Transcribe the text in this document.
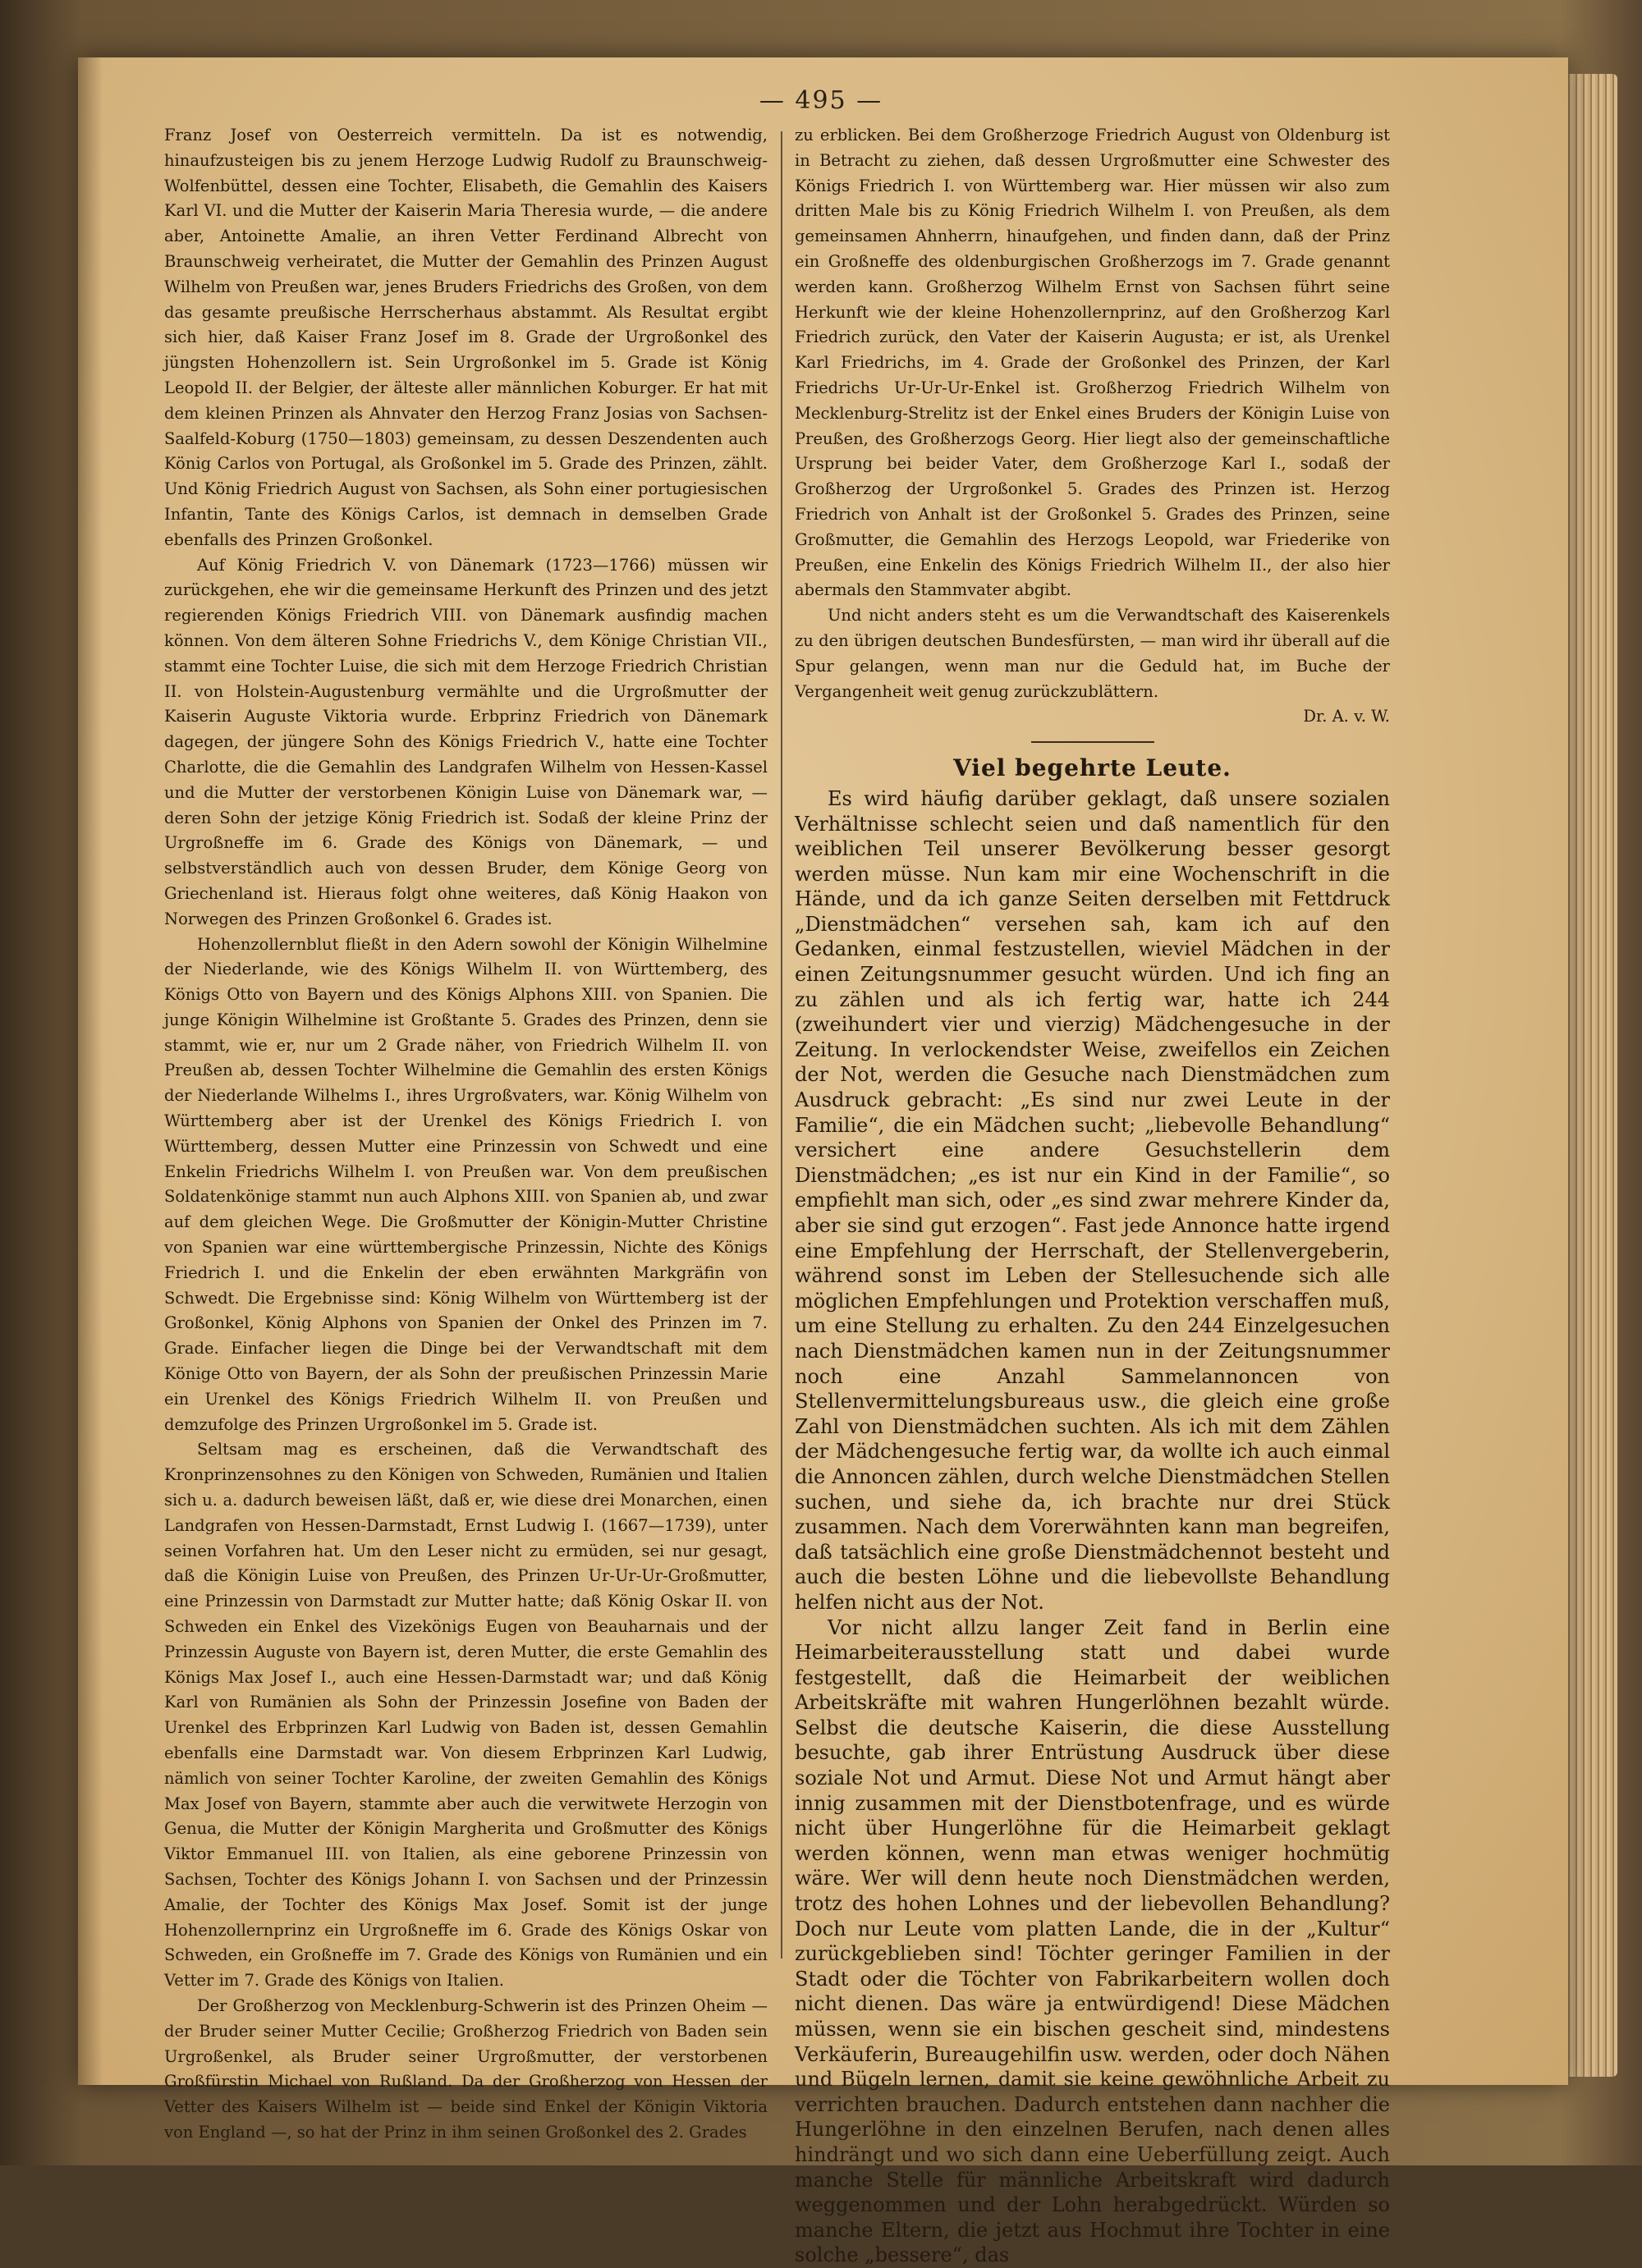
— 495 —

Franz Josef von Oesterreich vermitteln. Da ist es notwendig, hinaufzusteigen bis zu jenem Herzoge Ludwig Rudolf zu Braunschweig-Wolfenbüttel, dessen eine Tochter, Elisabeth, die Gemahlin des Kaisers Karl VI. und die Mutter der Kaiserin Maria Theresia wurde, — die andere aber, Antoinette Amalie, an ihren Vetter Ferdinand Albrecht von Braunschweig verheiratet, die Mutter der Gemahlin des Prinzen August Wilhelm von Preußen war, jenes Bruders Friedrichs des Großen, von dem das gesamte preußische Herrscherhaus abstammt. Als Resultat ergibt sich hier, daß Kaiser Franz Josef im 8. Grade der Urgroßonkel des jüngsten Hohenzollern ist. Sein Urgroßonkel im 5. Grade ist König Leopold II. der Belgier, der älteste aller männlichen Koburger. Er hat mit dem kleinen Prinzen als Ahnvater den Herzog Franz Josias von Sachsen-Saalfeld-Koburg (1750—1803) gemeinsam, zu dessen Deszendenten auch König Carlos von Portugal, als Großonkel im 5. Grade des Prinzen, zählt. Und König Friedrich August von Sachsen, als Sohn einer portugiesischen Infantin, Tante des Königs Carlos, ist demnach in demselben Grade ebenfalls des Prinzen Großonkel.

Auf König Friedrich V. von Dänemark (1723—1766) müssen wir zurückgehen, ehe wir die gemeinsame Herkunft des Prinzen und des jetzt regierenden Königs Friedrich VIII. von Dänemark ausfindig machen können. Von dem älteren Sohne Friedrichs V., dem Könige Christian VII., stammt eine Tochter Luise, die sich mit dem Herzoge Friedrich Christian II. von Holstein-Augustenburg vermählte und die Urgroßmutter der Kaiserin Auguste Viktoria wurde. Erbprinz Friedrich von Dänemark dagegen, der jüngere Sohn des Königs Friedrich V., hatte eine Tochter Charlotte, die die Gemahlin des Landgrafen Wilhelm von Hessen-Kassel und die Mutter der verstorbenen Königin Luise von Dänemark war, — deren Sohn der jetzige König Friedrich ist. Sodaß der kleine Prinz der Urgroßneffe im 6. Grade des Königs von Dänemark, — und selbstverständlich auch von dessen Bruder, dem Könige Georg von Griechenland ist. Hieraus folgt ohne weiteres, daß König Haakon von Norwegen des Prinzen Großonkel 6. Grades ist.

Hohenzollernblut fließt in den Adern sowohl der Königin Wilhelmine der Niederlande, wie des Königs Wilhelm II. von Württemberg, des Königs Otto von Bayern und des Königs Alphons XIII. von Spanien. Die junge Königin Wilhelmine ist Großtante 5. Grades des Prinzen, denn sie stammt, wie er, nur um 2 Grade näher, von Friedrich Wilhelm II. von Preußen ab, dessen Tochter Wilhelmine die Gemahlin des ersten Königs der Niederlande Wilhelms I., ihres Urgroßvaters, war. König Wilhelm von Württemberg aber ist der Urenkel des Königs Friedrich I. von Württemberg, dessen Mutter eine Prinzessin von Schwedt und eine Enkelin Friedrichs Wilhelm I. von Preußen war. Von dem preußischen Soldatenkönige stammt nun auch Alphons XIII. von Spanien ab, und zwar auf dem gleichen Wege. Die Großmutter der Königin-Mutter Christine von Spanien war eine württembergische Prinzessin, Nichte des Königs Friedrich I. und die Enkelin der eben erwähnten Markgräfin von Schwedt. Die Ergebnisse sind: König Wilhelm von Württemberg ist der Großonkel, König Alphons von Spanien der Onkel des Prinzen im 7. Grade. Einfacher liegen die Dinge bei der Verwandtschaft mit dem Könige Otto von Bayern, der als Sohn der preußischen Prinzessin Marie ein Urenkel des Königs Friedrich Wilhelm II. von Preußen und demzufolge des Prinzen Urgroßonkel im 5. Grade ist.

Seltsam mag es erscheinen, daß die Verwandtschaft des Kronprinzensohnes zu den Königen von Schweden, Rumänien und Italien sich u. a. dadurch beweisen läßt, daß er, wie diese drei Monarchen, einen Landgrafen von Hessen-Darmstadt, Ernst Ludwig I. (1667—1739), unter seinen Vorfahren hat. Um den Leser nicht zu ermüden, sei nur gesagt, daß die Königin Luise von Preußen, des Prinzen Ur-Ur-Ur-Großmutter, eine Prinzessin von Darmstadt zur Mutter hatte; daß König Oskar II. von Schweden ein Enkel des Vizekönigs Eugen von Beauharnais und der Prinzessin Auguste von Bayern ist, deren Mutter, die erste Gemahlin des Königs Max Josef I., auch eine Hessen-Darmstadt war; und daß König Karl von Rumänien als Sohn der Prinzessin Josefine von Baden der Urenkel des Erbprinzen Karl Ludwig von Baden ist, dessen Gemahlin ebenfalls eine Darmstadt war. Von diesem Erbprinzen Karl Ludwig, nämlich von seiner Tochter Karoline, der zweiten Gemahlin des Königs Max Josef von Bayern, stammte aber auch die verwitwete Herzogin von Genua, die Mutter der Königin Margherita und Großmutter des Königs Viktor Emmanuel III. von Italien, als eine geborene Prinzessin von Sachsen, Tochter des Königs Johann I. von Sachsen und der Prinzessin Amalie, der Tochter des Königs Max Josef. Somit ist der junge Hohenzollernprinz ein Urgroßneffe im 6. Grade des Königs Oskar von Schweden, ein Großneffe im 7. Grade des Königs von Rumänien und ein Vetter im 7. Grade des Königs von Italien.

Der Großherzog von Mecklenburg-Schwerin ist des Prinzen Oheim — der Bruder seiner Mutter Cecilie; Großherzog Friedrich von Baden sein Urgroßenkel, als Bruder seiner Urgroßmutter, der verstorbenen Großfürstin Michael von Rußland. Da der Großherzog von Hessen der Vetter des Kaisers Wilhelm ist — beide sind Enkel der Königin Viktoria von England —, so hat der Prinz in ihm seinen Großonkel des 2. Grades

zu erblicken. Bei dem Großherzoge Friedrich August von Oldenburg ist in Betracht zu ziehen, daß dessen Urgroßmutter eine Schwester des Königs Friedrich I. von Württemberg war. Hier müssen wir also zum dritten Male bis zu König Friedrich Wilhelm I. von Preußen, als dem gemeinsamen Ahnherrn, hinaufgehen, und finden dann, daß der Prinz ein Großneffe des oldenburgischen Großherzogs im 7. Grade genannt werden kann. Großherzog Wilhelm Ernst von Sachsen führt seine Herkunft wie der kleine Hohenzollernprinz, auf den Großherzog Karl Friedrich zurück, den Vater der Kaiserin Augusta; er ist, als Urenkel Karl Friedrichs, im 4. Grade der Großonkel des Prinzen, der Karl Friedrichs Ur-Ur-Ur-Enkel ist. Großherzog Friedrich Wilhelm von Mecklenburg-Strelitz ist der Enkel eines Bruders der Königin Luise von Preußen, des Großherzogs Georg. Hier liegt also der gemeinschaftliche Ursprung bei beider Vater, dem Großherzoge Karl I., sodaß der Großherzog der Urgroßonkel 5. Grades des Prinzen ist. Herzog Friedrich von Anhalt ist der Großonkel 5. Grades des Prinzen, seine Großmutter, die Gemahlin des Herzogs Leopold, war Friederike von Preußen, eine Enkelin des Königs Friedrich Wilhelm II., der also hier abermals den Stammvater abgibt.

Und nicht anders steht es um die Verwandtschaft des Kaiserenkels zu den übrigen deutschen Bundesfürsten, — man wird ihr überall auf die Spur gelangen, wenn man nur die Geduld hat, im Buche der Vergangenheit weit genug zurückzublättern.

Dr. A. v. W.

Viel begehrte Leute.

Es wird häufig darüber geklagt, daß unsere sozialen Verhältnisse schlecht seien und daß namentlich für den weiblichen Teil unserer Bevölkerung besser gesorgt werden müsse. Nun kam mir eine Wochenschrift in die Hände, und da ich ganze Seiten derselben mit Fettdruck „Dienstmädchen“ versehen sah, kam ich auf den Gedanken, einmal festzustellen, wieviel Mädchen in der einen Zeitungsnummer gesucht würden. Und ich fing an zu zählen und als ich fertig war, hatte ich 244 (zweihundert vier und vierzig) Mädchengesuche in der Zeitung. In verlockendster Weise, zweifellos ein Zeichen der Not, werden die Gesuche nach Dienstmädchen zum Ausdruck gebracht: „Es sind nur zwei Leute in der Familie“, die ein Mädchen sucht; „liebevolle Behandlung“ versichert eine andere Gesuchstellerin dem Dienstmädchen; „es ist nur ein Kind in der Familie“, so empfiehlt man sich, oder „es sind zwar mehrere Kinder da, aber sie sind gut erzogen“. Fast jede Annonce hatte irgend eine Empfehlung der Herrschaft, der Stellenvergeberin, während sonst im Leben der Stellesuchende sich alle möglichen Empfehlungen und Protektion verschaffen muß, um eine Stellung zu erhalten. Zu den 244 Einzelgesuchen nach Dienstmädchen kamen nun in der Zeitungsnummer noch eine Anzahl Sammelannoncen von Stellenvermittelungsbureaus usw., die gleich eine große Zahl von Dienstmädchen suchten. Als ich mit dem Zählen der Mädchengesuche fertig war, da wollte ich auch einmal die Annoncen zählen, durch welche Dienstmädchen Stellen suchen, und siehe da, ich brachte nur drei Stück zusammen. Nach dem Vorerwähnten kann man begreifen, daß tatsächlich eine große Dienstmädchennot besteht und auch die besten Löhne und die liebevollste Behandlung helfen nicht aus der Not.

Vor nicht allzu langer Zeit fand in Berlin eine Heimarbeiterausstellung statt und dabei wurde festgestellt, daß die Heimarbeit der weiblichen Arbeitskräfte mit wahren Hungerlöhnen bezahlt würde. Selbst die deutsche Kaiserin, die diese Ausstellung besuchte, gab ihrer Entrüstung Ausdruck über diese soziale Not und Armut. Diese Not und Armut hängt aber innig zusammen mit der Dienstbotenfrage, und es würde nicht über Hungerlöhne für die Heimarbeit geklagt werden können, wenn man etwas weniger hochmütig wäre. Wer will denn heute noch Dienstmädchen werden, trotz des hohen Lohnes und der liebevollen Behandlung? Doch nur Leute vom platten Lande, die in der „Kultur“ zurückgeblieben sind! Töchter geringer Familien in der Stadt oder die Töchter von Fabrikarbeitern wollen doch nicht dienen. Das wäre ja entwürdigend! Diese Mädchen müssen, wenn sie ein bischen gescheit sind, mindestens Verkäuferin, Bureaugehilfin usw. werden, oder doch Nähen und Bügeln lernen, damit sie keine gewöhnliche Arbeit zu verrichten brauchen. Dadurch entstehen dann nachher die Hungerlöhne in den einzelnen Berufen, nach denen alles hindrängt und wo sich dann eine Ueberfüllung zeigt. Auch manche Stelle für männliche Arbeitskraft wird dadurch weggenommen und der Lohn herabgedrückt. Würden so manche Eltern, die jetzt aus Hochmut ihre Tochter in eine solche „bessere“, das
